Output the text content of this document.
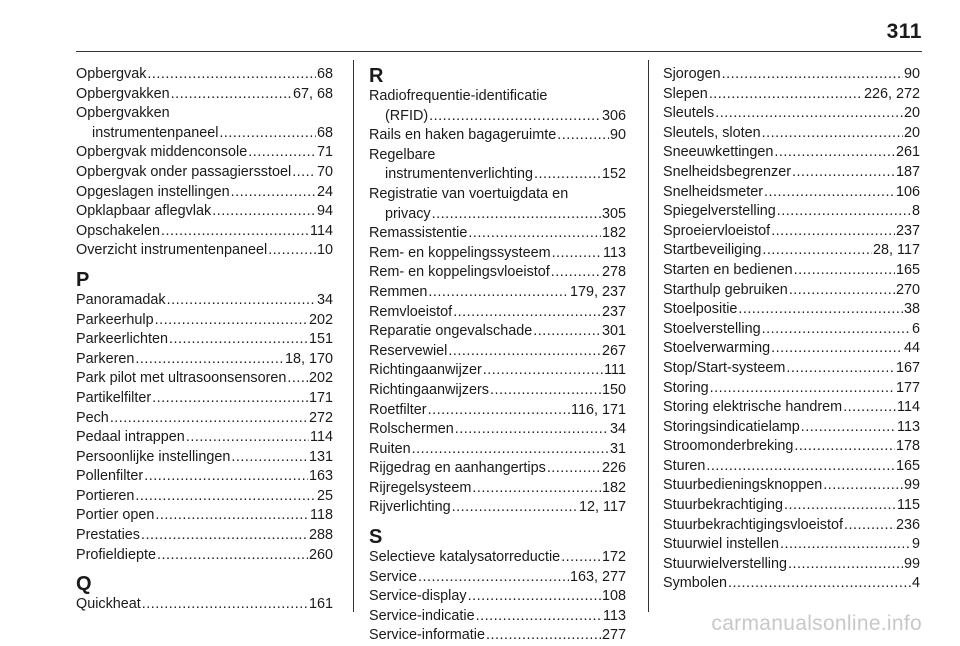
311
Opbergvak .....	68
Opbergvakken .....	67, 68
Opbergvakken
instrumentenpaneel .....	68
Opbergvak middenconsole .....	71
Opbergvak onder passagiersstoel ..... 70
Opgeslagen instellingen .....	24
Opklapbaar aflegvlak .....	94
Opschakelen .....	114
Overzicht instrumentenpaneel .....	10
P
Panoramadak .....	34
Parkeerhulp .....	202
Parkeerlichten .....	151
Parkeren .....	18, 170
Park pilot met ultrasoonsensoren ..... 202
Partikelfilter .....	171
Pech .....	272
Pedaal intrappen .....	114
Persoonlijke instellingen .....	131
Pollenfilter .....	163
Portieren .....	25
Portier open .....	118
Prestaties .....	288
Profieldiepte .....	260
Q
Quickheat .....	161
R
Radiofrequentie-identificatie
(RFID) .....	306
Rails en haken bagageruimte .....	90
Regelbare
instrumentenverlichting .....	152
Registratie van voertuigdata en
privacy .....	305
Remassistentie .....	182
Rem- en koppelingssysteem .....	113
Rem- en koppelingsvloeistof .....	278
Remmen .....	179, 237
Remvloeistof .....	237
Reparatie ongevalschade .....	301
Reservewiel .....	267
Richtingaanwijzer .....	111
Richtingaanwijzers .....	150
Roetfilter .....	116, 171
Rolschermen .....	34
Ruiten .....	31
Rijgedrag en aanhangertips .....	226
Rijregelsysteem .....	182
Rijverlichting .....	12, 117
S
Selectieve katalysatorreductie .....	172
Service .....	163, 277
Service-display .....	108
Service-indicatie .....	113
Service-informatie .....	277
Sjorogen .....	90
Slepen .....	226, 272
Sleutels .....	20
Sleutels, sloten .....	20
Sneeuwkettingen .....	261
Snelheidsbegrenzer .....	187
Snelheidsmeter .....	106
Spiegelverstelling .....	8
Sproeiervloeistof .....	237
Startbeveiliging .....	28, 117
Starten en bedienen .....	165
Starthulp gebruiken .....	270
Stoelpositie .....	38
Stoelverstelling .....	6
Stoelverwarming .....	44
Stop/Start-systeem .....	167
Storing .....	177
Storing elektrische handrem .....	114
Storingsindicatielamp .....	113
Stroomonderbreking .....	178
Sturen .....	165
Stuurbedieningsknoppen .....	99
Stuurbekrachtiging .....	115
Stuurbekrachtigingsvloeistof .....	236
Stuurwiel instellen .....	9
Stuurwielverstelling .....	99
Symbolen .....	4
carmanualsonline.info
